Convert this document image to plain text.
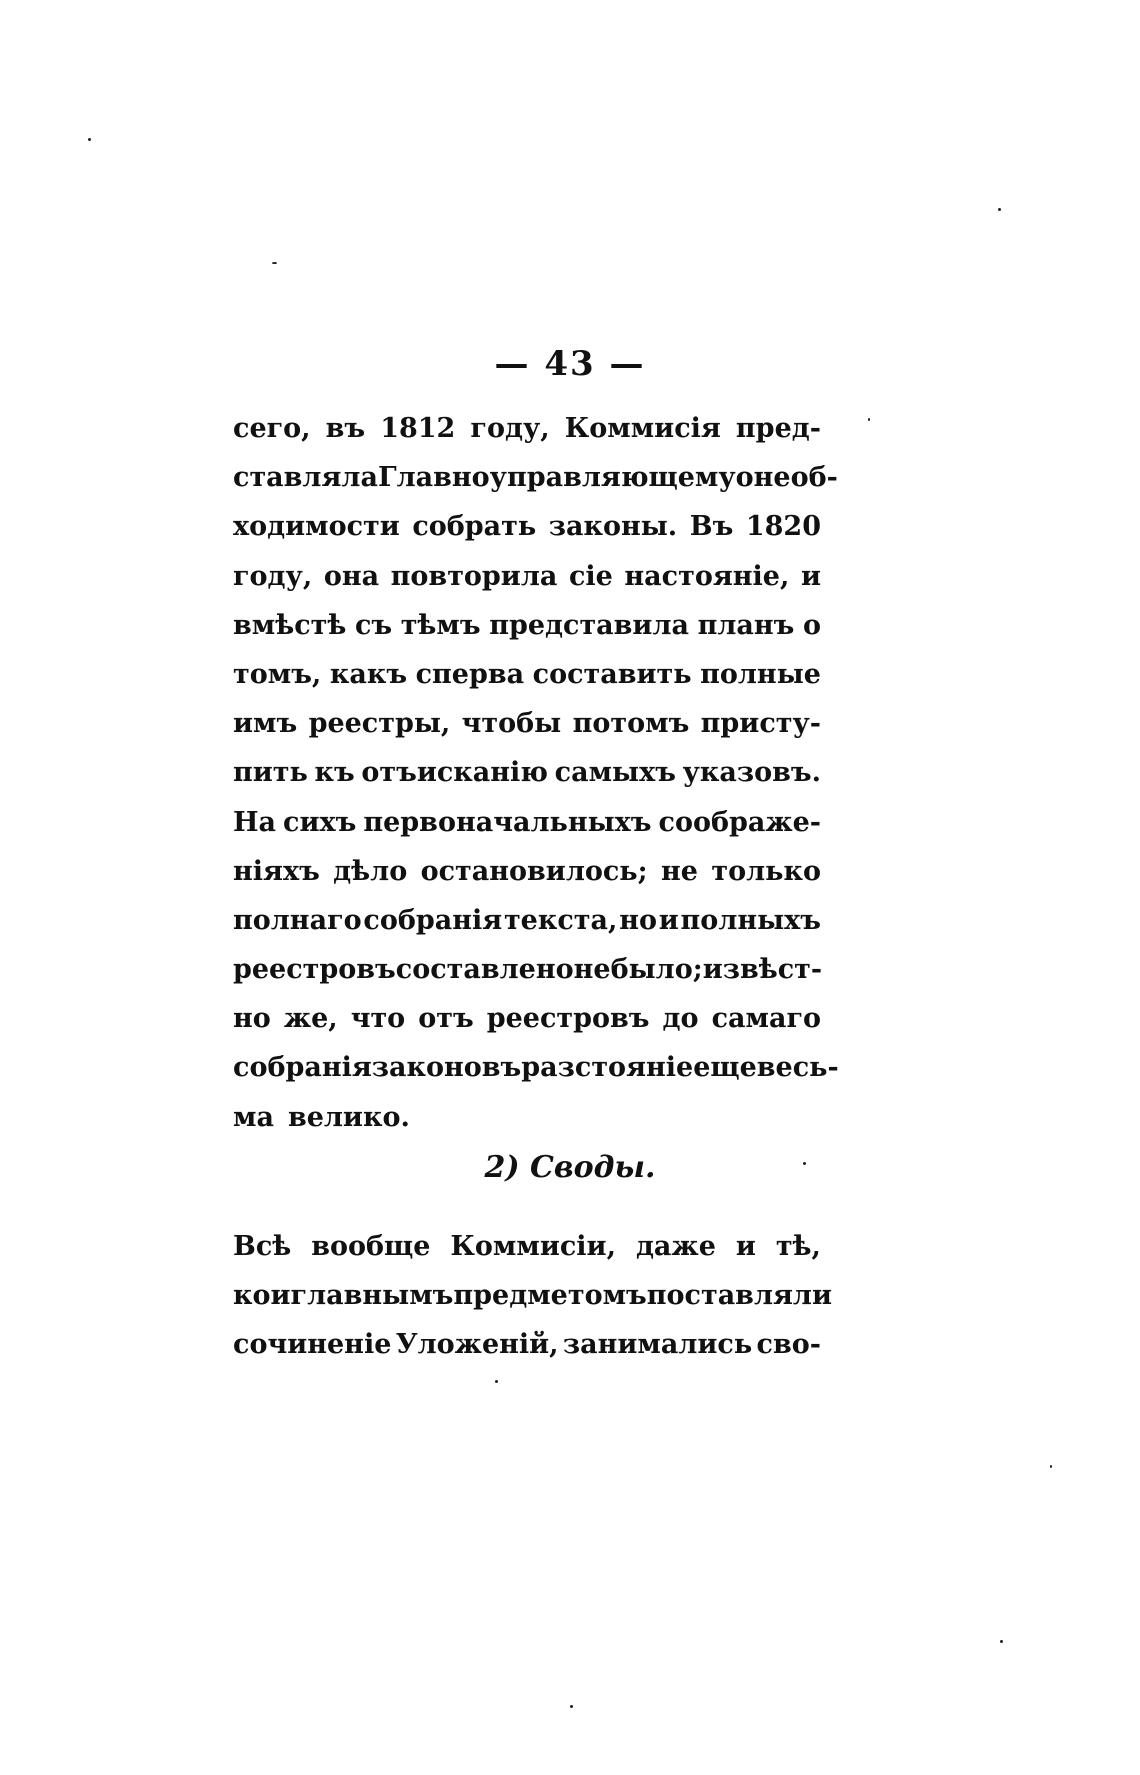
— 43 —
сего, въ 1812 году, Коммисія пред-
ставляла Главноуправляющему о необ-
ходимости собрать законы. Въ 1820
году, она повторила сіе настояніе, и
вмѣстѣ съ тѣмъ представила планъ о
томъ, какъ сперва составить полные
имъ реестры, чтобы потомъ присту-
пить къ отъисканію самыхъ указовъ.
На сихъ первоначальныхъ соображе-
ніяхъ дѣло остановилось; не только
полнаго собранія текста, но и полныхъ
реестровъ составлено не было; извѣст-
но же, что отъ реестровъ до самаго
собранія законовъ разстояніе еще весь-
ма велико.
2) Своды.
Всѣ вообще Коммисіи, даже и тѣ,
кои главнымъ предметомъ поставляли
сочиненіе Уложеній, занимались сво-
